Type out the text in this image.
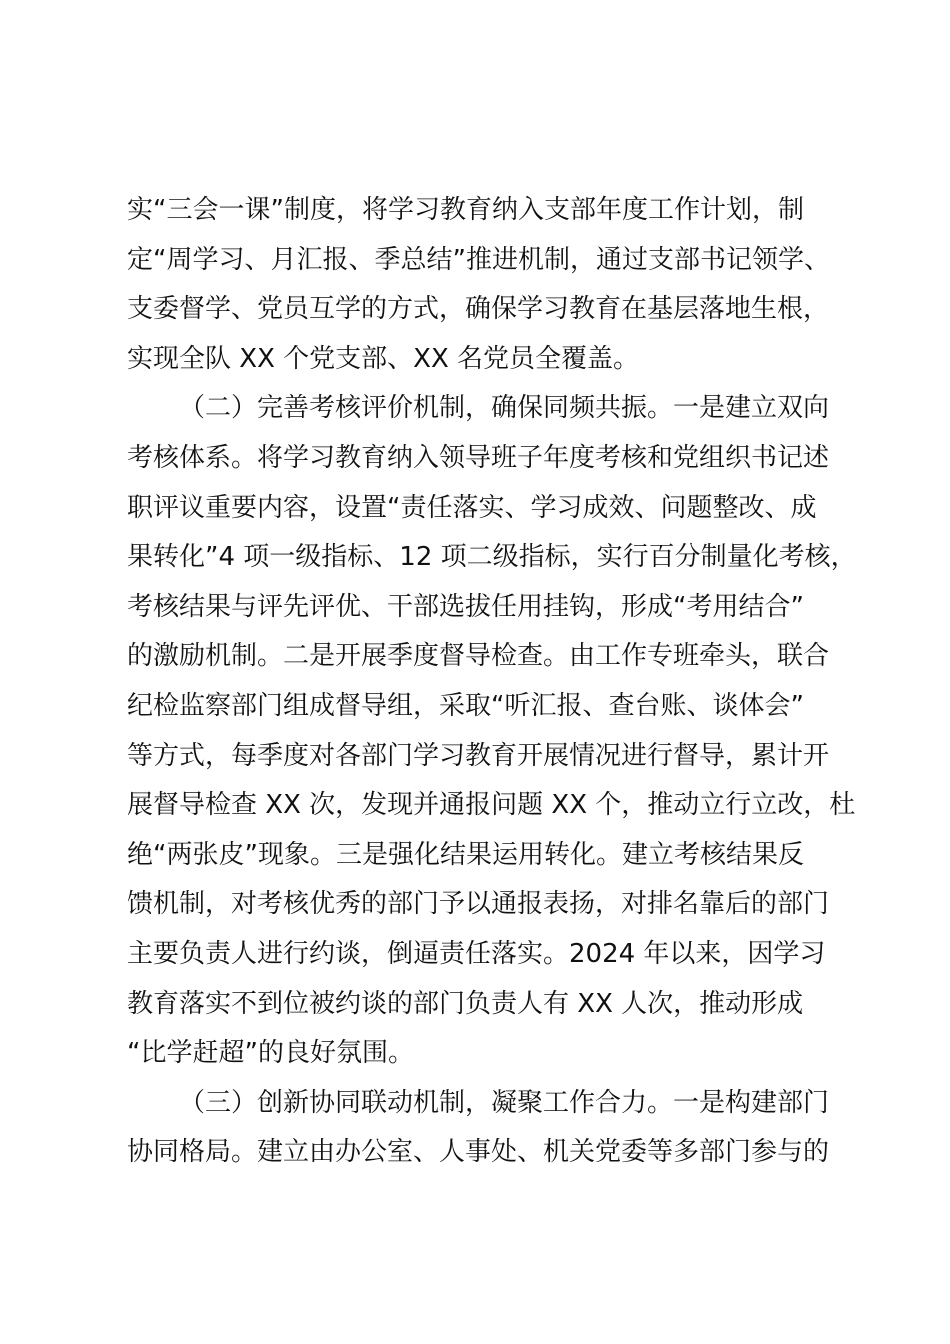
实“三会一课”制度，将学习教育纳入支部年度工作计划，制
定“周学习、月汇报、季总结”推进机制，通过支部书记领学、
支委督学、党员互学的方式，确保学习教育在基层落地生根，
实现全队 XX 个党支部、XX 名党员全覆盖。
（二）完善考核评价机制，确保同频共振。一是建立双向
考核体系。将学习教育纳入领导班子年度考核和党组织书记述
职评议重要内容，设置“责任落实、学习成效、问题整改、成
果转化”4 项一级指标、12 项二级指标，实行百分制量化考核，
考核结果与评先评优、干部选拔任用挂钩，形成“考用结合”
的激励机制。二是开展季度督导检查。由工作专班牵头，联合
纪检监察部门组成督导组，采取“听汇报、查台账、谈体会”
等方式，每季度对各部门学习教育开展情况进行督导，累计开
展督导检查 XX 次，发现并通报问题 XX 个，推动立行立改，杜
绝“两张皮”现象。三是强化结果运用转化。建立考核结果反
馈机制，对考核优秀的部门予以通报表扬，对排名靠后的部门
主要负责人进行约谈，倒逼责任落实。2024 年以来，因学习
教育落实不到位被约谈的部门负责人有 XX 人次，推动形成
“比学赶超”的良好氛围。
（三）创新协同联动机制，凝聚工作合力。一是构建部门
协同格局。建立由办公室、人事处、机关党委等多部门参与的
